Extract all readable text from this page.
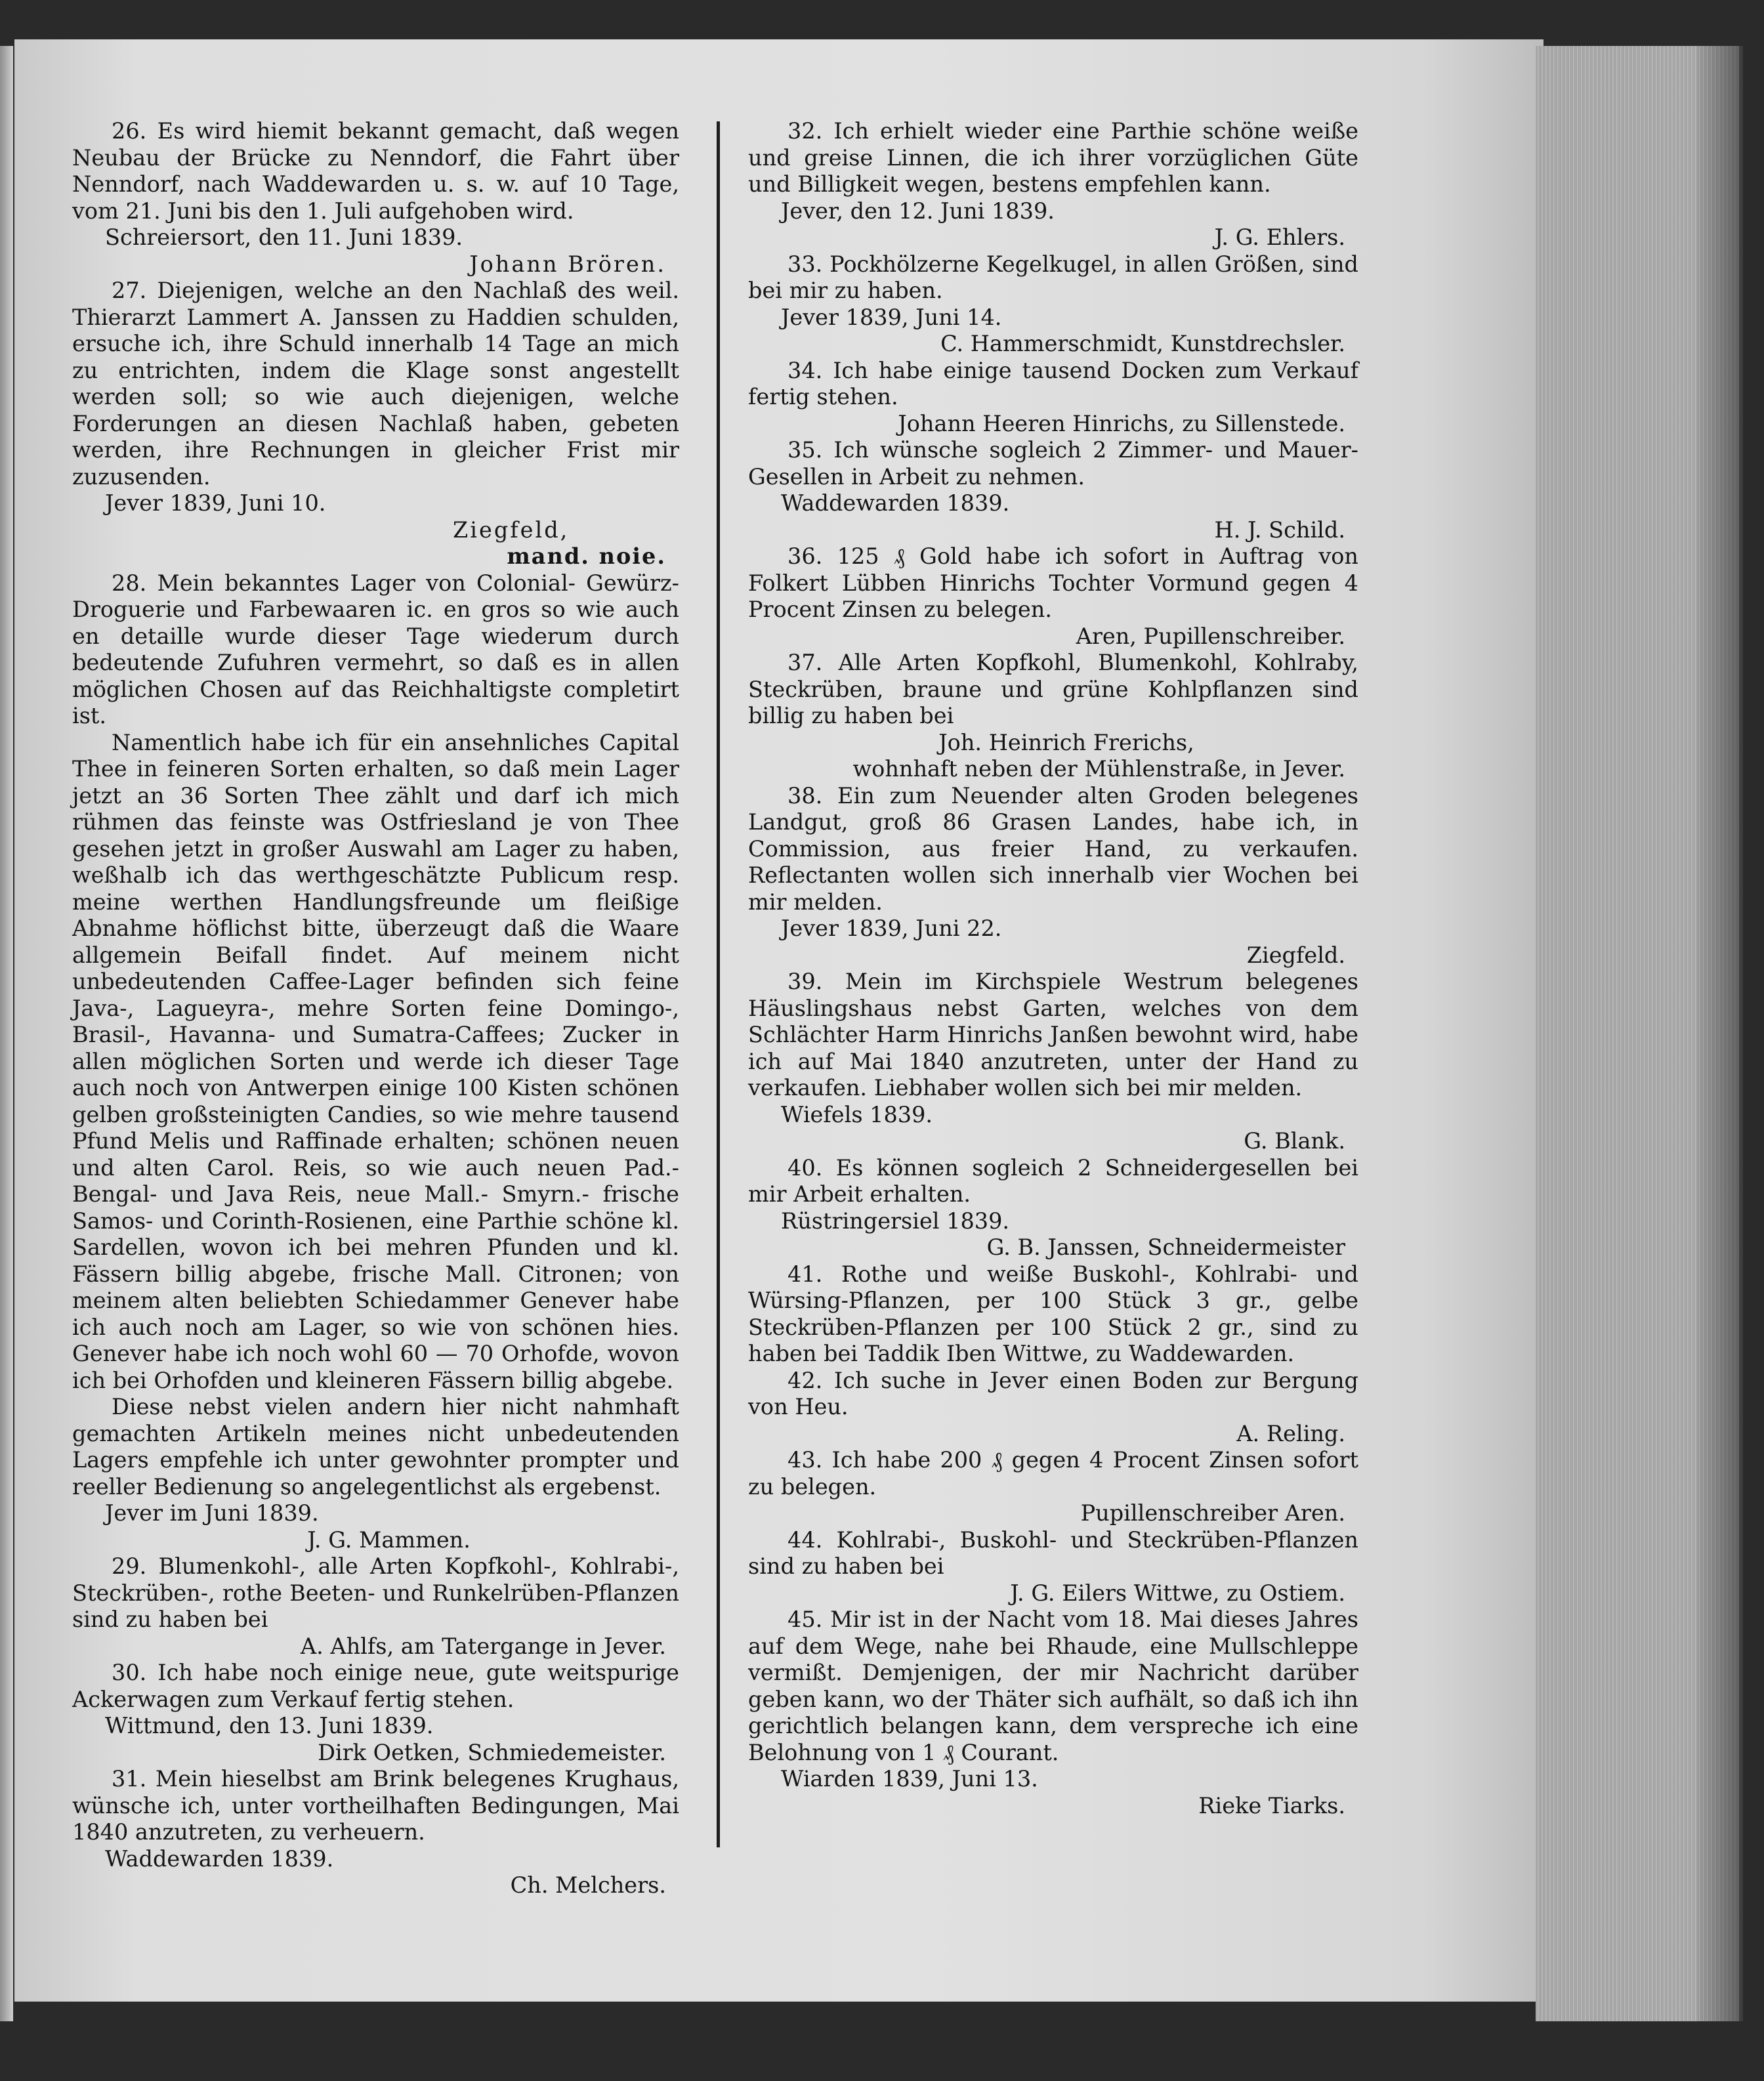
26. Es wird hiemit bekannt gemacht, daß wegen Neubau der Brücke zu Nenndorf, die Fahrt über Nenndorf, nach Waddewarden u. s. w. auf 10 Tage, vom 21. Juni bis den 1. Juli aufgehoben wird.

Schreiersort, den 11. Juni 1839.

Johann Brören.

27. Diejenigen, welche an den Nachlaß des weil. Thierarzt Lammert A. Janssen zu Haddien schulden, ersuche ich, ihre Schuld innerhalb 14 Tage an mich zu entrichten, indem die Klage sonst angestellt werden soll; so wie auch diejenigen, welche Forderungen an diesen Nachlaß haben, gebeten werden, ihre Rechnungen in gleicher Frist mir zuzusenden.

Jever 1839, Juni 10.

Ziegfeld,

mand. noie.

28. Mein bekanntes Lager von Colonial- Gewürz- Droguerie und Farbewaaren ic. en gros so wie auch en detaille wurde dieser Tage wiederum durch bedeutende Zufuhren vermehrt, so daß es in allen möglichen Chosen auf das Reichhaltigste completirt ist.

Namentlich habe ich für ein ansehnliches Capital Thee in feineren Sorten erhalten, so daß mein Lager jetzt an 36 Sorten Thee zählt und darf ich mich rühmen das feinste was Ostfriesland je von Thee gesehen jetzt in großer Auswahl am Lager zu haben, weßhalb ich das werthgeschätzte Publicum resp. meine werthen Handlungsfreunde um fleißige Abnahme höflichst bitte, überzeugt daß die Waare allgemein Beifall findet. Auf meinem nicht unbedeutenden Caffee-Lager befinden sich feine Java-, Lagueyra-, mehre Sorten feine Domingo-, Brasil-, Havanna- und Sumatra-Caffees; Zucker in allen möglichen Sorten und werde ich dieser Tage auch noch von Antwerpen einige 100 Kisten schönen gelben großsteinigten Candies, so wie mehre tausend Pfund Melis und Raffinade erhalten; schönen neuen und alten Carol. Reis, so wie auch neuen Pad.- Bengal- und Java Reis, neue Mall.- Smyrn.- frische Samos- und Corinth-Rosienen, eine Parthie schöne kl. Sardellen, wovon ich bei mehren Pfunden und kl. Fässern billig abgebe, frische Mall. Citronen; von meinem alten beliebten Schiedammer Genever habe ich auch noch am Lager, so wie von schönen hies. Genever habe ich noch wohl 60 — 70 Orhofde, wovon ich bei Orhofden und kleineren Fässern billig abgebe.

Diese nebst vielen andern hier nicht nahmhaft gemachten Artikeln meines nicht unbedeutenden Lagers empfehle ich unter gewohnter prompter und reeller Bedienung so angelegentlichst als ergebenst.

Jever im Juni 1839.

J. G. Mammen.

29. Blumenkohl-, alle Arten Kopfkohl-, Kohlrabi-, Steckrüben-, rothe Beeten- und Runkelrüben-Pflanzen sind zu haben bei

A. Ahlfs, am Tatergange in Jever.

30. Ich habe noch einige neue, gute weitspurige Ackerwagen zum Verkauf fertig stehen.

Wittmund, den 13. Juni 1839.

Dirk Oetken, Schmiedemeister.

31. Mein hieselbst am Brink belegenes Krughaus, wünsche ich, unter vortheilhaften Bedingungen, Mai 1840 anzutreten, zu verheuern.

Waddewarden 1839.

Ch. Melchers.

32. Ich erhielt wieder eine Parthie schöne weiße und greise Linnen, die ich ihrer vorzüglichen Güte und Billigkeit wegen, bestens empfehlen kann.

Jever, den 12. Juni 1839.

J. G. Ehlers.

33. Pockhölzerne Kegelkugel, in allen Größen, sind bei mir zu haben.

Jever 1839, Juni 14.

C. Hammerschmidt, Kunstdrechsler.

34. Ich habe einige tausend Docken zum Verkauf fertig stehen.

Johann Heeren Hinrichs, zu Sillenstede.

35. Ich wünsche sogleich 2 Zimmer- und Mauer-Gesellen in Arbeit zu nehmen.

Waddewarden 1839.

H. J. Schild.

36. 125 ₰ Gold habe ich sofort in Auftrag von Folkert Lübben Hinrichs Tochter Vormund gegen 4 Procent Zinsen zu belegen.

Aren, Pupillenschreiber.

37. Alle Arten Kopfkohl, Blumenkohl, Kohlraby, Steckrüben, braune und grüne Kohlpflanzen sind billig zu haben bei

Joh. Heinrich Frerichs,

wohnhaft neben der Mühlenstraße, in Jever.

38. Ein zum Neuender alten Groden belegenes Landgut, groß 86 Grasen Landes, habe ich, in Commission, aus freier Hand, zu verkaufen. Reflectanten wollen sich innerhalb vier Wochen bei mir melden.

Jever 1839, Juni 22.

Ziegfeld.

39. Mein im Kirchspiele Westrum belegenes Häuslingshaus nebst Garten, welches von dem Schlächter Harm Hinrichs Janßen bewohnt wird, habe ich auf Mai 1840 anzutreten, unter der Hand zu verkaufen. Liebhaber wollen sich bei mir melden.

Wiefels 1839.

G. Blank.

40. Es können sogleich 2 Schneidergesellen bei mir Arbeit erhalten.

Rüstringersiel 1839.

G. B. Janssen, Schneidermeister

41. Rothe und weiße Buskohl-, Kohlrabi- und Würsing-Pflanzen, per 100 Stück 3 gr., gelbe Steckrüben-Pflanzen per 100 Stück 2 gr., sind zu haben bei Taddik Iben Wittwe, zu Waddewarden.

42. Ich suche in Jever einen Boden zur Bergung von Heu.

A. Reling.

43. Ich habe 200 ₰ gegen 4 Procent Zinsen sofort zu belegen.

Pupillenschreiber Aren.

44. Kohlrabi-, Buskohl- und Steckrüben-Pflanzen sind zu haben bei

J. G. Eilers Wittwe, zu Ostiem.

45. Mir ist in der Nacht vom 18. Mai dieses Jahres auf dem Wege, nahe bei Rhaude, eine Mullschleppe vermißt. Demjenigen, der mir Nachricht darüber geben kann, wo der Thäter sich aufhält, so daß ich ihn gerichtlich belangen kann, dem verspreche ich eine Belohnung von 1 ₰ Courant.

Wiarden 1839, Juni 13.

Rieke Tiarks.
